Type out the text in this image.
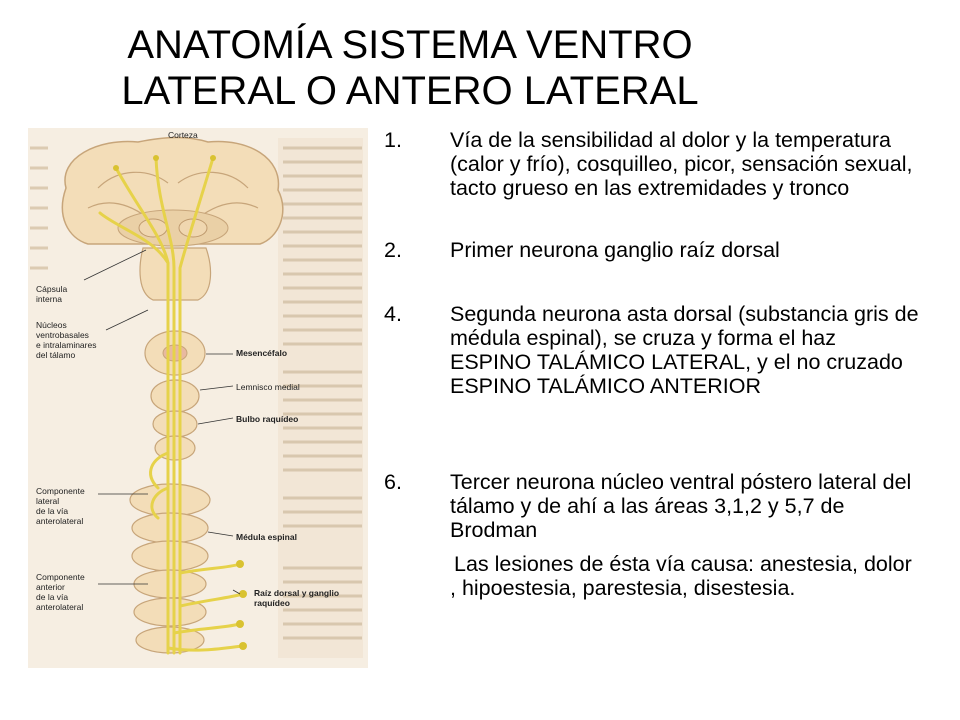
ANATOMÍA SISTEMA VENTRO LATERAL O ANTERO LATERAL
Corteza
Cápsula
interna
Núcleos
ventrobasales
e intralaminares
del tálamo	Mesencéfalo
Lemnisco medial
Bulbo raquídeo
Componente
lateral
de la vía
anterolateral
Médula espinal
Componente
anterior
de la vía
anterolateral
Raíz dorsal y ganglio
raquídeo
1.	Vía de la sensibilidad al dolor y la temperatura (calor y frío), cosquilleo, picor, sensación sexual, tacto grueso en las extremidades y tronco
2.	Primer neurona ganglio raíz dorsal
4.	Segunda neurona asta dorsal (substancia gris de médula espinal), se cruza y forma el haz ESPINO TALÁMICO LATERAL, y el no cruzado ESPINO TALÁMICO ANTERIOR
6.	Tercer neurona núcleo ventral póstero lateral del tálamo y de ahí a las áreas 3,1,2 y 5,7 de Brodman
Las lesiones de ésta vía causa: anestesia, dolor , hipoestesia, parestesia, disestesia.
